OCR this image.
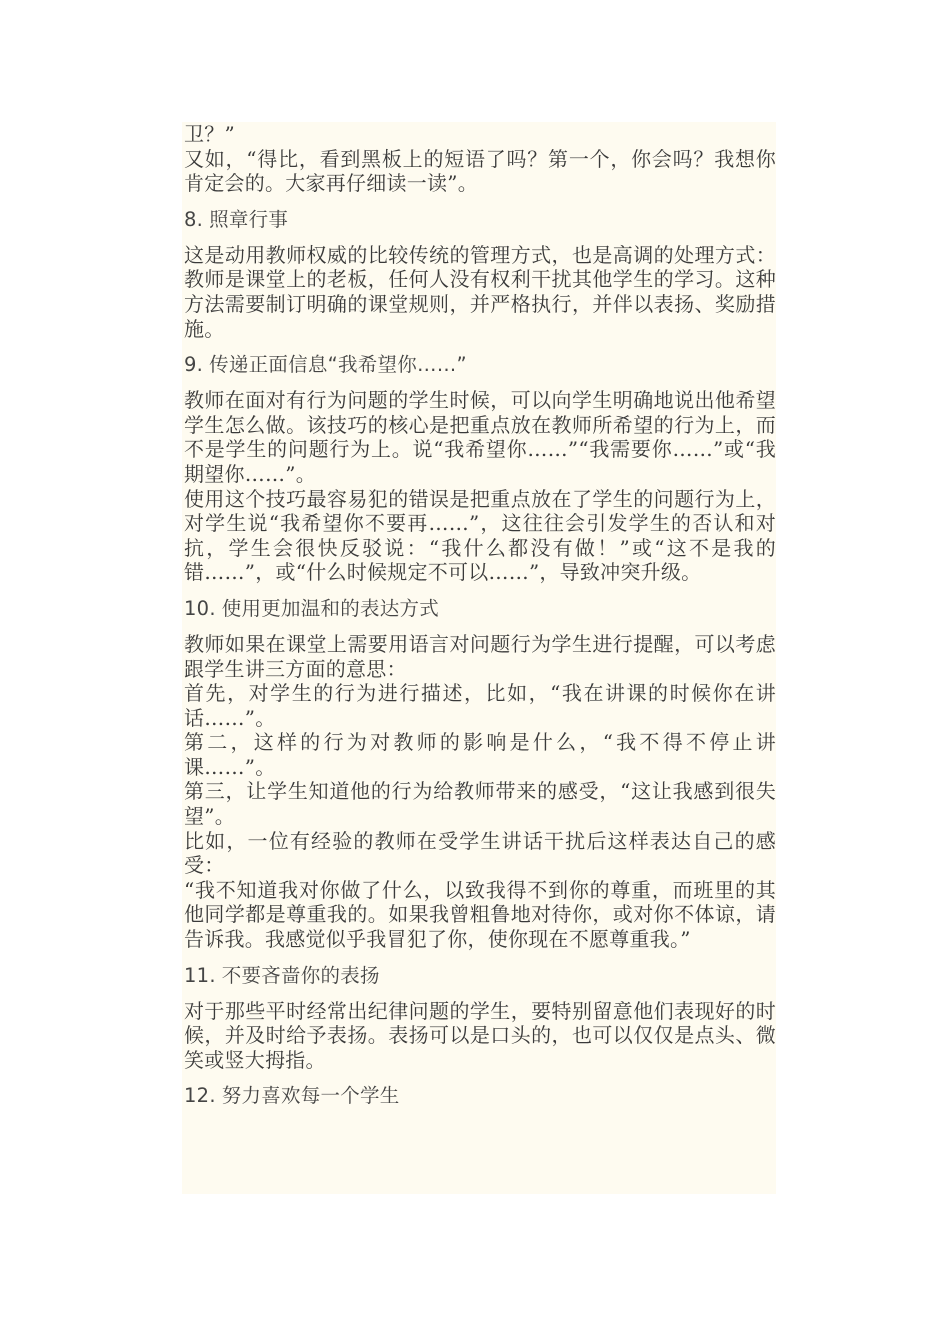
卫？”

又如，“得比，看到黑板上的短语了吗？第一个，你会吗？我想你肯定会的。大家再仔细读一读”。

8. 照章行事

这是动用教师权威的比较传统的管理方式，也是高调的处理方式：教师是课堂上的老板，任何人没有权利干扰其他学生的学习。这种方法需要制订明确的课堂规则，并严格执行，并伴以表扬、奖励措施。

9. 传递正面信息“我希望你……”

教师在面对有行为问题的学生时候，可以向学生明确地说出他希望学生怎么做。该技巧的核心是把重点放在教师所希望的行为上，而不是学生的问题行为上。说“我希望你……”“我需要你……”或“我期望你……”。

使用这个技巧最容易犯的错误是把重点放在了学生的问题行为上，对学生说“我希望你不要再……”，这往往会引发学生的否认和对抗，学生会很快反驳说：“我什么都没有做！”或“这不是我的错……”，或“什么时候规定不可以……”，导致冲突升级。

10. 使用更加温和的表达方式

教师如果在课堂上需要用语言对问题行为学生进行提醒，可以考虑跟学生讲三方面的意思：

首先，对学生的行为进行描述，比如，“我在讲课的时候你在讲话……”。

第二，这样的行为对教师的影响是什么，“我不得不停止讲课……”。

第三，让学生知道他的行为给教师带来的感受，“这让我感到很失望”。

比如，一位有经验的教师在受学生讲话干扰后这样表达自己的感受：

“我不知道我对你做了什么，以致我得不到你的尊重，而班里的其他同学都是尊重我的。如果我曾粗鲁地对待你，或对你不体谅，请告诉我。我感觉似乎我冒犯了你，使你现在不愿尊重我。”

11. 不要吝啬你的表扬

对于那些平时经常出纪律问题的学生，要特别留意他们表现好的时候，并及时给予表扬。表扬可以是口头的，也可以仅仅是点头、微笑或竖大拇指。

12. 努力喜欢每一个学生
